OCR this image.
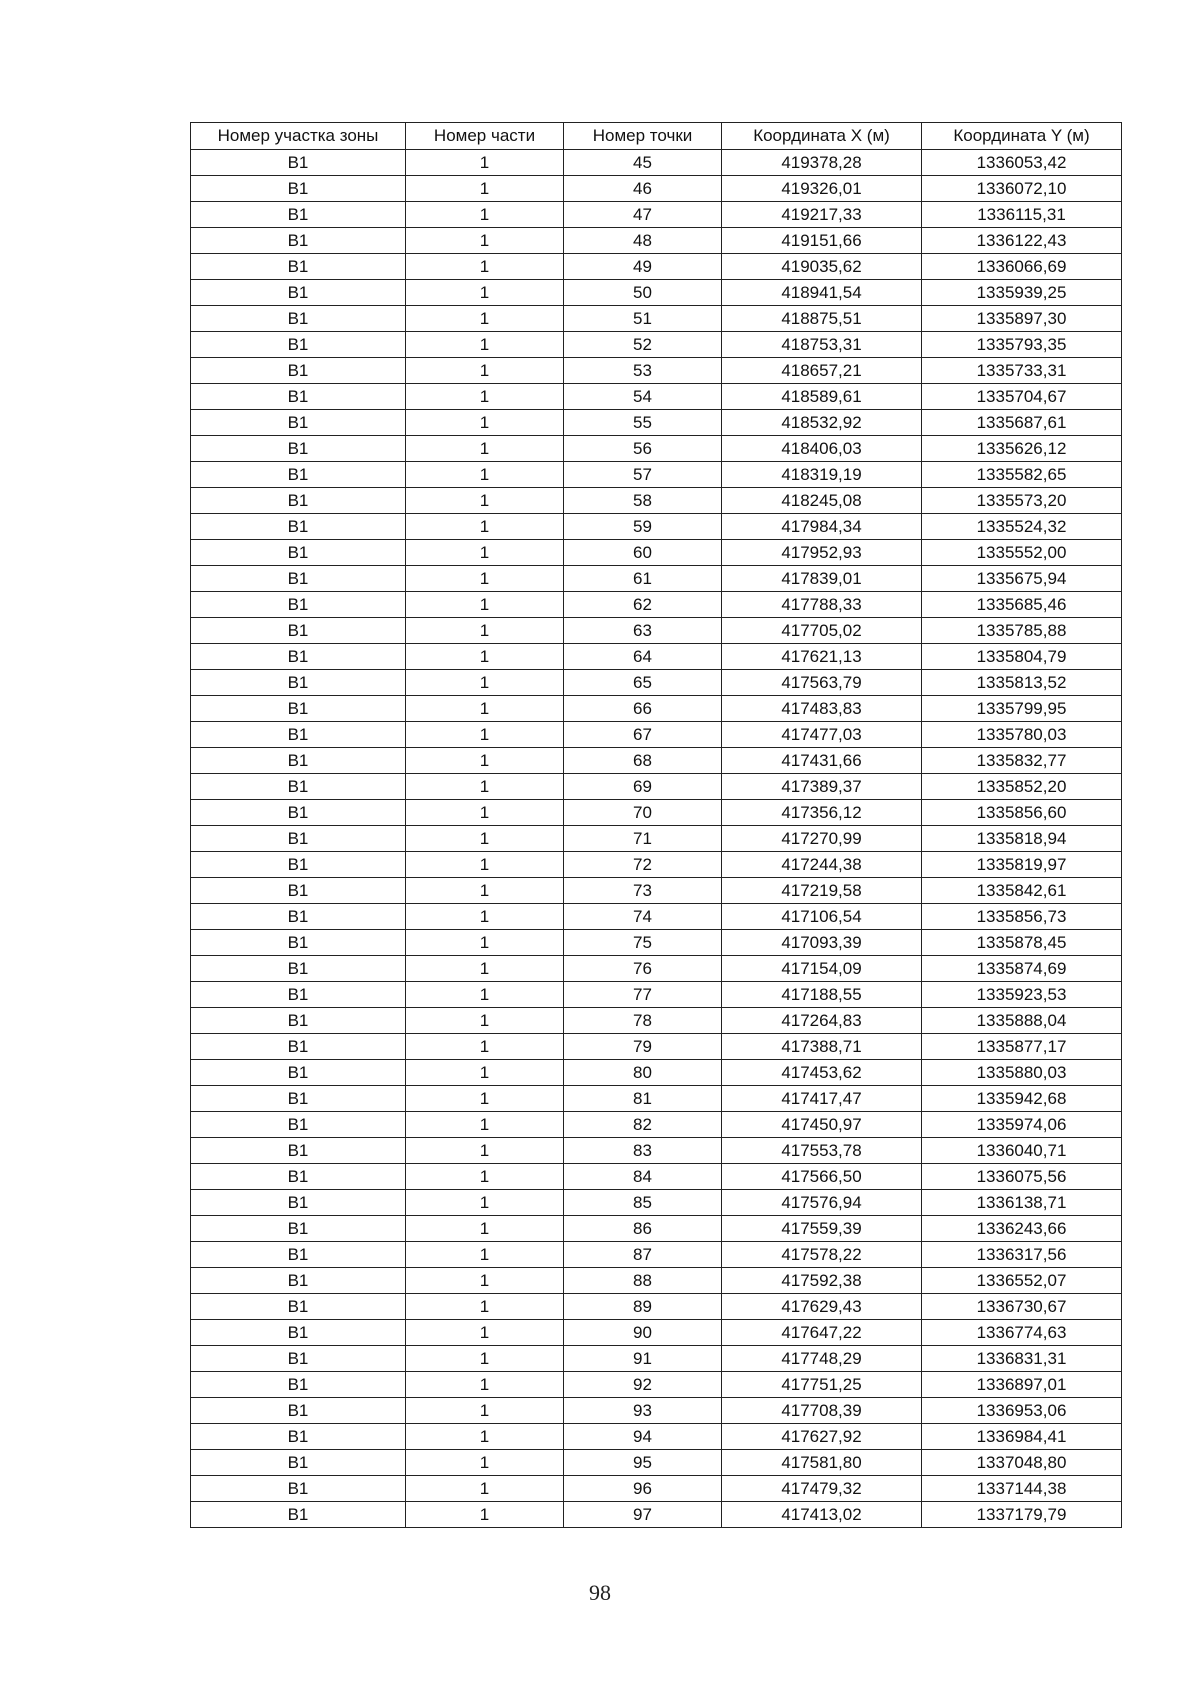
Номер участка зоны	Номер части	Номер точки	Координата X (м)	Координата Y (м)
В1	1	45	419378,28	1336053,42
В1	1	46	419326,01	1336072,10
В1	1	47	419217,33	1336115,31
В1	1	48	419151,66	1336122,43
В1	1	49	419035,62	1336066,69
В1	1	50	418941,54	1335939,25
В1	1	51	418875,51	1335897,30
В1	1	52	418753,31	1335793,35
В1	1	53	418657,21	1335733,31
В1	1	54	418589,61	1335704,67
В1	1	55	418532,92	1335687,61
В1	1	56	418406,03	1335626,12
В1	1	57	418319,19	1335582,65
В1	1	58	418245,08	1335573,20
В1	1	59	417984,34	1335524,32
В1	1	60	417952,93	1335552,00
В1	1	61	417839,01	1335675,94
В1	1	62	417788,33	1335685,46
В1	1	63	417705,02	1335785,88
В1	1	64	417621,13	1335804,79
В1	1	65	417563,79	1335813,52
В1	1	66	417483,83	1335799,95
В1	1	67	417477,03	1335780,03
В1	1	68	417431,66	1335832,77
В1	1	69	417389,37	1335852,20
В1	1	70	417356,12	1335856,60
В1	1	71	417270,99	1335818,94
В1	1	72	417244,38	1335819,97
В1	1	73	417219,58	1335842,61
В1	1	74	417106,54	1335856,73
В1	1	75	417093,39	1335878,45
В1	1	76	417154,09	1335874,69
В1	1	77	417188,55	1335923,53
В1	1	78	417264,83	1335888,04
В1	1	79	417388,71	1335877,17
В1	1	80	417453,62	1335880,03
В1	1	81	417417,47	1335942,68
В1	1	82	417450,97	1335974,06
В1	1	83	417553,78	1336040,71
В1	1	84	417566,50	1336075,56
В1	1	85	417576,94	1336138,71
В1	1	86	417559,39	1336243,66
В1	1	87	417578,22	1336317,56
В1	1	88	417592,38	1336552,07
В1	1	89	417629,43	1336730,67
В1	1	90	417647,22	1336774,63
В1	1	91	417748,29	1336831,31
В1	1	92	417751,25	1336897,01
В1	1	93	417708,39	1336953,06
В1	1	94	417627,92	1336984,41
В1	1	95	417581,80	1337048,80
В1	1	96	417479,32	1337144,38
В1	1	97	417413,02	1337179,79
98
